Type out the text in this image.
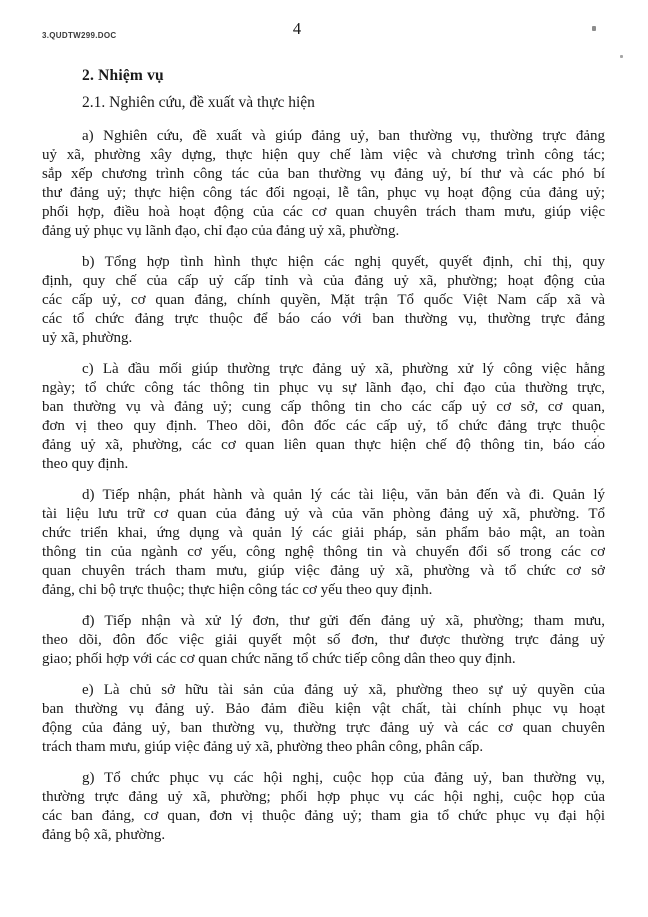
3.QUDTW299.DOC	4
2. Nhiệm vụ
2.1. Nghiên cứu, đề xuất và thực hiện
a) Nghiên cứu, đề xuất và giúp đảng uỷ, ban thường vụ, thường trực đảng
uỷ xã, phường xây dựng, thực hiện quy chế làm việc và chương trình công tác;
sắp xếp chương trình công tác của ban thường vụ đảng uỷ, bí thư và các phó bí
thư đảng uỷ; thực hiện công tác đối ngoại, lễ tân, phục vụ hoạt động của đảng uỷ;
phối hợp, điều hoà hoạt động của các cơ quan chuyên trách tham mưu, giúp việc
đảng uỷ phục vụ lãnh đạo, chỉ đạo của đảng uỷ xã, phường.
b) Tổng hợp tình hình thực hiện các nghị quyết, quyết định, chỉ thị, quy
định, quy chế của cấp uỷ cấp tỉnh và của đảng uỷ xã, phường; hoạt động của
các cấp uỷ, cơ quan đảng, chính quyền, Mặt trận Tổ quốc Việt Nam cấp xã và
các tổ chức đảng trực thuộc để báo cáo với ban thường vụ, thường trực đảng
uỷ xã, phường.
c) Là đầu mối giúp thường trực đảng uỷ xã, phường xử lý công việc hằng
ngày; tổ chức công tác thông tin phục vụ sự lãnh đạo, chỉ đạo của thường trực,
ban thường vụ và đảng uỷ; cung cấp thông tin cho các cấp uỷ cơ sở, cơ quan,
đơn vị theo quy định. Theo dõi, đôn đốc các cấp uỷ, tổ chức đảng trực thuộc
đảng uỷ xã, phường, các cơ quan liên quan thực hiện chế độ thông tin, báo cáo
theo quy định.
d) Tiếp nhận, phát hành và quản lý các tài liệu, văn bản đến và đi. Quản lý
tài liệu lưu trữ cơ quan của đảng uỷ và của văn phòng đảng uỷ xã, phường. Tổ
chức triển khai, ứng dụng và quản lý các giải pháp, sản phẩm bảo mật, an toàn
thông tin của ngành cơ yếu, công nghệ thông tin và chuyển đổi số trong các cơ
quan chuyên trách tham mưu, giúp việc đảng uỷ xã, phường và tổ chức cơ sở
đảng, chi bộ trực thuộc; thực hiện công tác cơ yếu theo quy định.
đ) Tiếp nhận và xử lý đơn, thư gửi đến đảng uỷ xã, phường; tham mưu,
theo dõi, đôn đốc việc giải quyết một số đơn, thư được thường trực đảng uỷ
giao; phối hợp với các cơ quan chức năng tổ chức tiếp công dân theo quy định.
e) Là chủ sở hữu tài sản của đảng uỷ xã, phường theo sự uỷ quyền của
ban thường vụ đảng uỷ. Bảo đảm điều kiện vật chất, tài chính phục vụ hoạt
động của đảng uỷ, ban thường vụ, thường trực đảng uỷ và các cơ quan chuyên
trách tham mưu, giúp việc đảng uỷ xã, phường theo phân công, phân cấp.
g) Tổ chức phục vụ các hội nghị, cuộc họp của đảng uỷ, ban thường vụ,
thường trực đảng uỷ xã, phường; phối hợp phục vụ các hội nghị, cuộc họp của
các ban đảng, cơ quan, đơn vị thuộc đảng uỷ; tham gia tổ chức phục vụ đại hội
đảng bộ xã, phường.
